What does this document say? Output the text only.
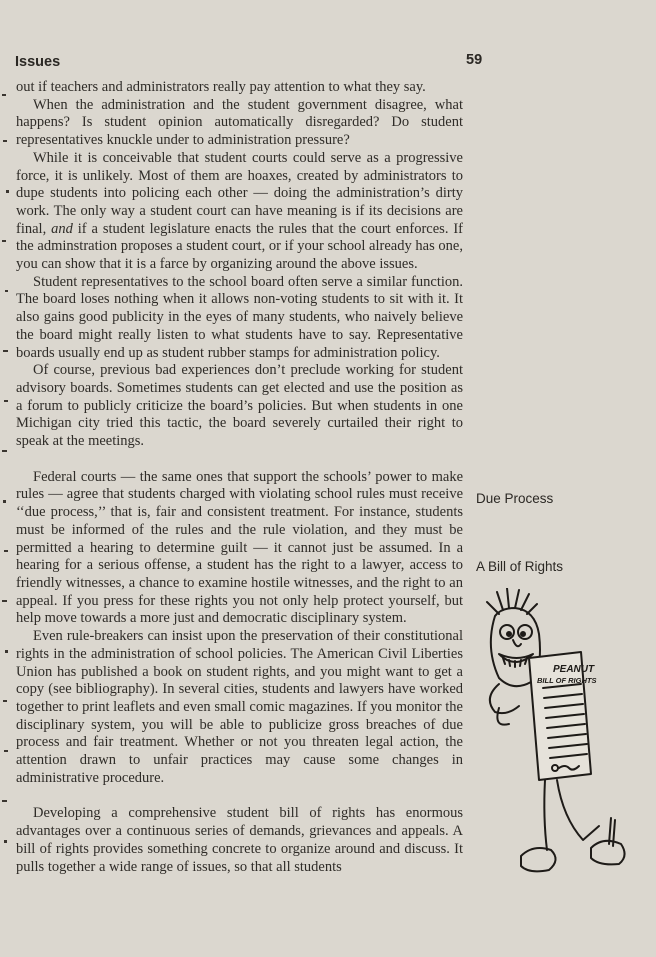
Issues	59

out if teachers and administrators really pay attention to what they say.

When the administration and the student government disagree, what happens? Is student opinion automatically disregarded? Do student representatives knuckle under to administration pressure?

While it is conceivable that student courts could serve as a progressive force, it is unlikely. Most of them are hoaxes, created by administrators to dupe students into policing each other — doing the administration’s dirty work. The only way a student court can have meaning is if its decisions are final, and if a student legislature enacts the rules that the court enforces. If the adminstration proposes a student court, or if your school already has one, you can show that it is a farce by organizing around the above issues.

Student representatives to the school board often serve a similar function. The board loses nothing when it allows non-voting students to sit with it. It also gains good publicity in the eyes of many students, who naively believe the board might really listen to what students have to say. Representative boards usually end up as student rubber stamps for administration policy.

Of course, previous bad experiences don’t preclude working for student advisory boards. Sometimes students can get elected and use the position as a forum to publicly criticize the board’s policies. But when students in one Michigan city tried this tactic, the board severely curtailed their right to speak at the meetings.

Federal courts — the same ones that support the schools’ power to make rules — agree that students charged with violating school rules must receive ‘‘due process,’’ that is, fair and consistent treatment. For instance, students must be informed of the rules and the rule violation, and they must be permitted a hearing to determine guilt — it cannot just be assumed. In a hearing for a serious offense, a student has the right to a lawyer, access to friendly witnesses, a chance to examine hostile witnesses, and the right to an appeal. If you press for these rights you not only help protect yourself, but help move towards a more just and democratic disciplinary system.

Even rule-breakers can insist upon the preservation of their constitutional rights in the administration of school policies. The American Civil Liberties Union has published a book on student rights, and you might want to get a copy (see bibliography). In several cities, students and lawyers have worked together to print leaflets and even small comic magazines. If you monitor the disciplinary system, you will be able to publicize gross breaches of due process and fair treatment. Whether or not you threaten legal action, the attention drawn to unfair practices may cause some changes in administrative procedure.

Developing a comprehensive student bill of rights has enormous advantages over a continuous series of demands, grievances and appeals. A bill of rights provides something concrete to organize around and discuss. It pulls together a wide range of issues, so that all students

Due Process
A Bill of Rights
PEANUT
BILL OF RIGHTS
